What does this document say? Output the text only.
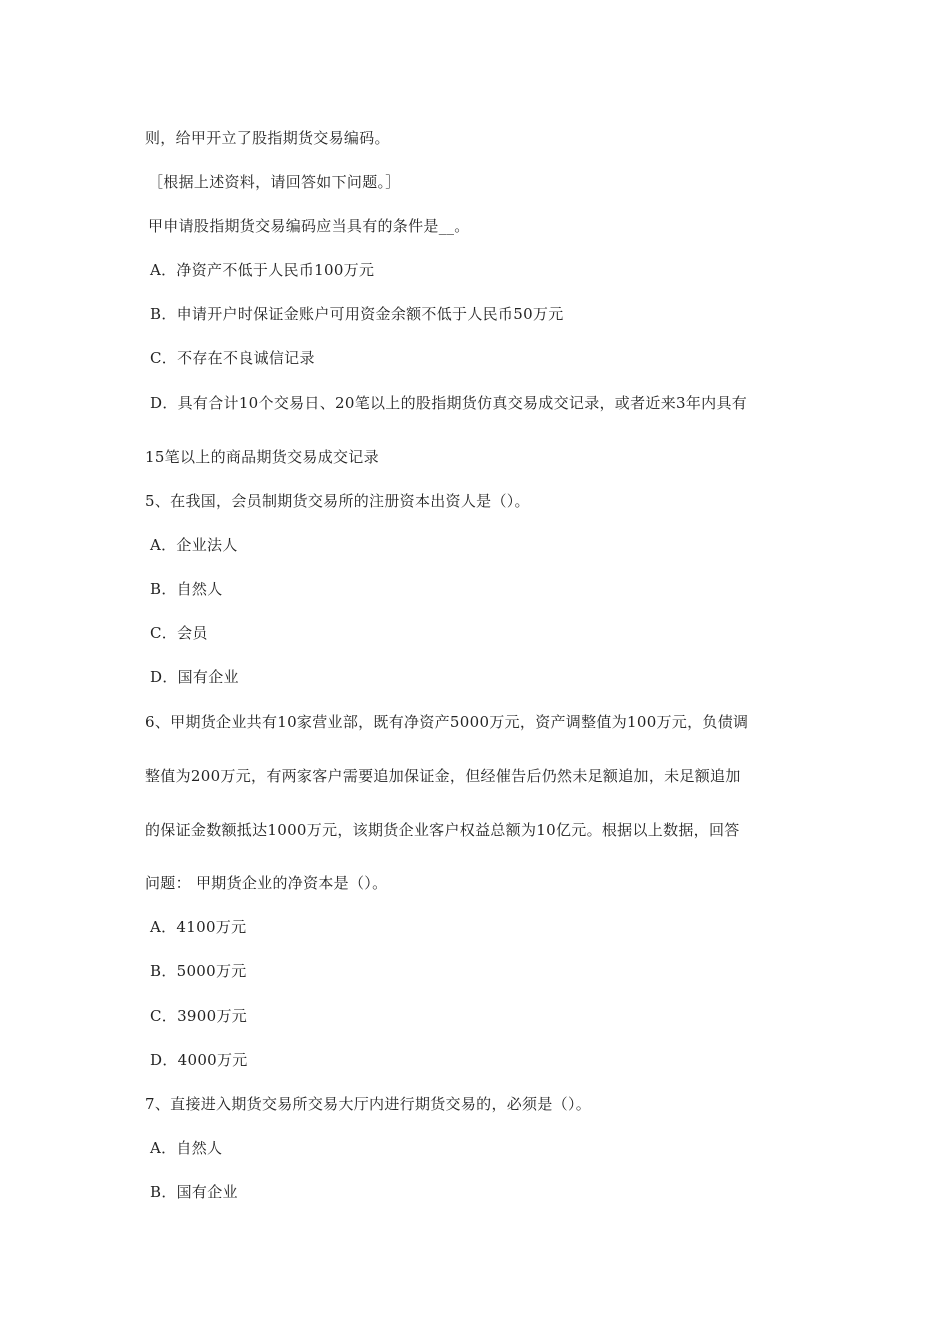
则，给甲开立了股指期货交易编码。
［根据上述资料，请回答如下问题。］
甲申请股指期货交易编码应当具有的条件是__。
A．净资产不低于人民币100万元
B．申请开户时保证金账户可用资金余额不低于人民币50万元
C．不存在不良诚信记录
D．具有合计10个交易日、20笔以上的股指期货仿真交易成交记录，或者近来3年内具有
15笔以上的商品期货交易成交记录
5、在我国，会员制期货交易所的注册资本出资人是（）。
A．企业法人
B．自然人
C．会员
D．国有企业
6、甲期货企业共有10家营业部，既有净资产5000万元，资产调整值为100万元，负债调
整值为200万元，有两家客户需要追加保证金，但经催告后仍然未足额追加，未足额追加
的保证金数额抵达1000万元，该期货企业客户权益总额为10亿元。根据以上数据，回答
问题： 甲期货企业的净资本是（）。
A．4100万元
B．5000万元
C．3900万元
D．4000万元
7、直接进入期货交易所交易大厅内进行期货交易的，必须是（）。
A．自然人
B．国有企业
